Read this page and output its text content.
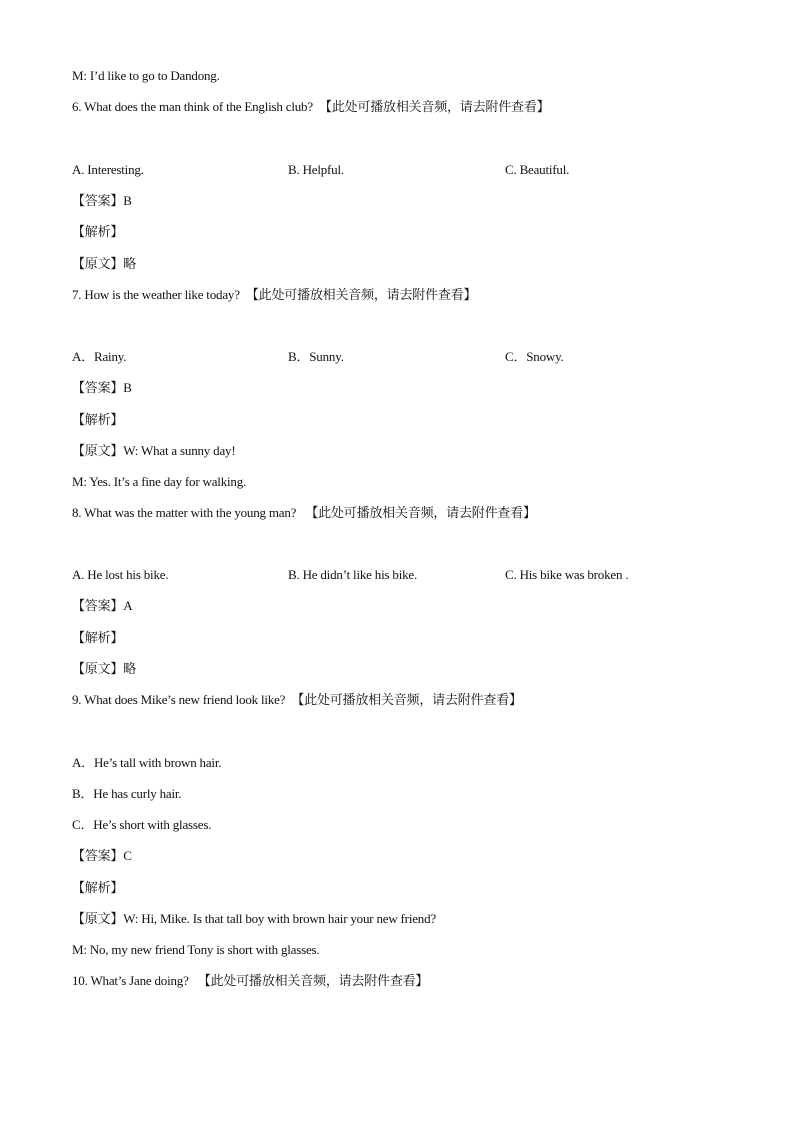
M: I’d like to go to Dandong.
6. What does the man think of the English club? 【此处可播放相关音频，请去附件查看】
A. Interesting.	B. Helpful.	C. Beautiful.
【答案】B
【解析】
【原文】略
7. How is the weather like today? 【此处可播放相关音频，请去附件查看】
A．Rainy.	B．Sunny.	C．Snowy.
【答案】B
【解析】
【原文】W: What a sunny day!
M: Yes. It’s a fine day for walking.
8. What was the matter with the young man? 【此处可播放相关音频，请去附件查看】
A. He lost his bike.	B. He didn’t like his bike.	C. His bike was broken .
【答案】A
【解析】
【原文】略
9. What does Mike’s new friend look like? 【此处可播放相关音频，请去附件查看】
A．He’s tall with brown hair.
B．He has curly hair.
C．He’s short with glasses.
【答案】C
【解析】
【原文】W: Hi, Mike. Is that tall boy with brown hair your new friend?
M: No, my new friend Tony is short with glasses.
10. What’s Jane doing? 【此处可播放相关音频，请去附件查看】
